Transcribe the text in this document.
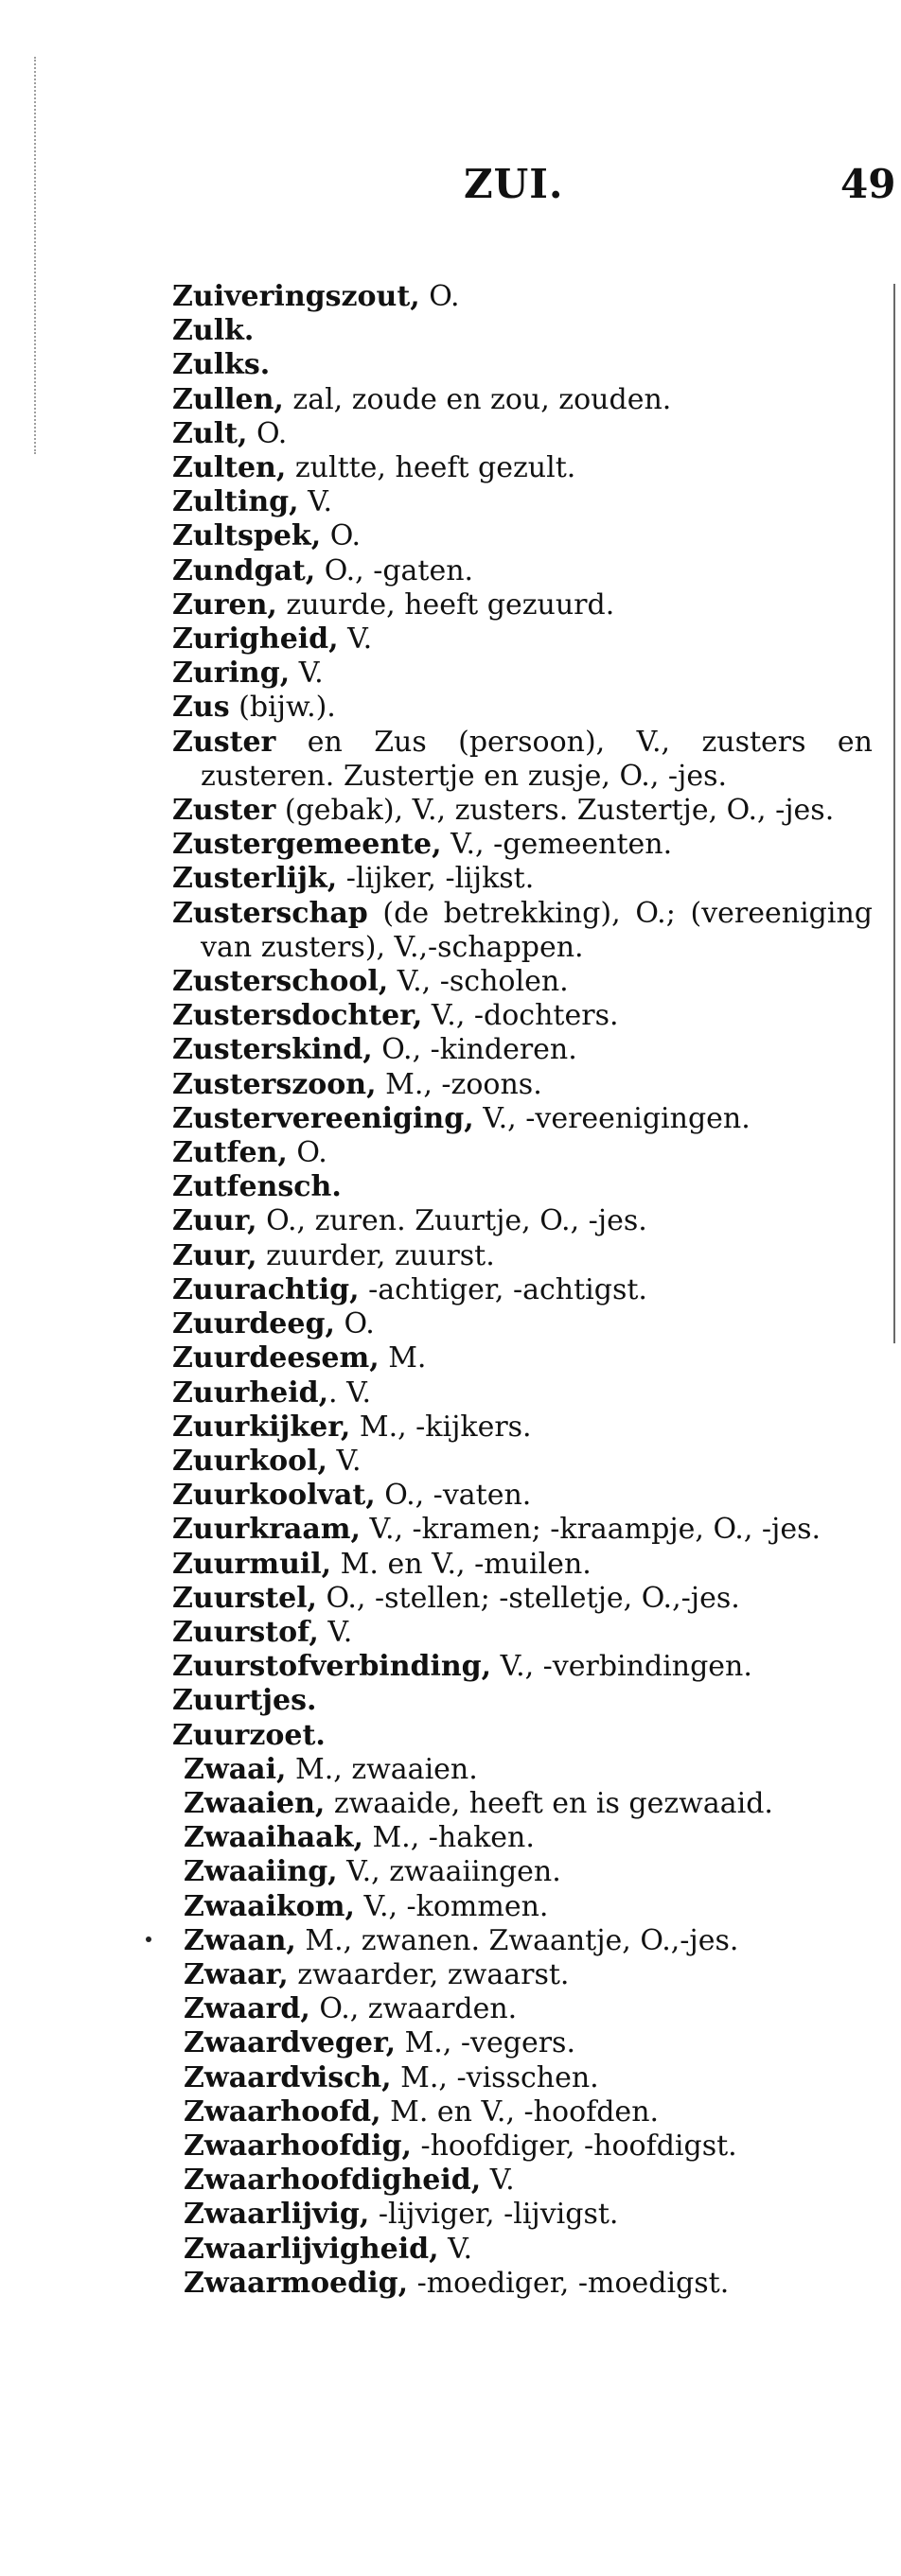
ZUI.	49
Zuiveringszout, O.
Zulk.
Zulks.
Zullen, zal, zoude en zou, zouden.
Zult, O.
Zulten, zultte, heeft gezult.
Zulting, V.
Zultspek, O.
Zundgat, O., -gaten.
Zuren, zuurde, heeft gezuurd.
Zurigheid, V.
Zuring, V.
Zus (bijw.).
Zuster en Zus (persoon), V., zusters en zusteren. Zustertje en zusje, O., -jes.
Zuster (gebak), V., zusters. Zustertje, O., -jes.
Zustergemeente, V., -gemeenten.
Zusterlijk, -lijker, -lijkst.
Zusterschap (de betrekking), O.; (vereeniging van zusters), V.,-schappen.
Zusterschool, V., -scholen.
Zustersdochter, V., -dochters.
Zusterskind, O., -kinderen.
Zusterszoon, M., -zoons.
Zustervereeniging, V., -vereenigingen.
Zutfen, O.
Zutfensch.
Zuur, O., zuren. Zuurtje, O., -jes.
Zuur, zuurder, zuurst.
Zuurachtig, -achtiger, -achtigst.
Zuurdeeg, O.
Zuurdeesem, M.
Zuurheid,. V.
Zuurkijker, M., -kijkers.
Zuurkool, V.
Zuurkoolvat, O., -vaten.
Zuurkraam, V., -kramen; -kraampje, O., -jes.
Zuurmuil, M. en V., -muilen.
Zuurstel, O., -stellen; -stelletje, O.,-jes.
Zuurstof, V.
Zuurstofverbinding, V., -verbindingen.
Zuurtjes.
Zuurzoet.
Zwaai, M., zwaaien.
Zwaaien, zwaaide, heeft en is gezwaaid.
Zwaaihaak, M., -haken.
Zwaaiing, V., zwaaiingen.
Zwaaikom, V., -kommen.
Zwaan, M., zwanen. Zwaantje, O.,-jes.
Zwaar, zwaarder, zwaarst.
Zwaard, O., zwaarden.
Zwaardveger, M., -vegers.
Zwaardvisch, M., -visschen.
Zwaarhoofd, M. en V., -hoofden.
Zwaarhoofdig, -hoofdiger, -hoofdigst.
Zwaarhoofdigheid, V.
Zwaarlijvig, -lijviger, -lijvigst.
Zwaarlijvigheid, V.
Zwaarmoedig, -moediger, -moedigst.
